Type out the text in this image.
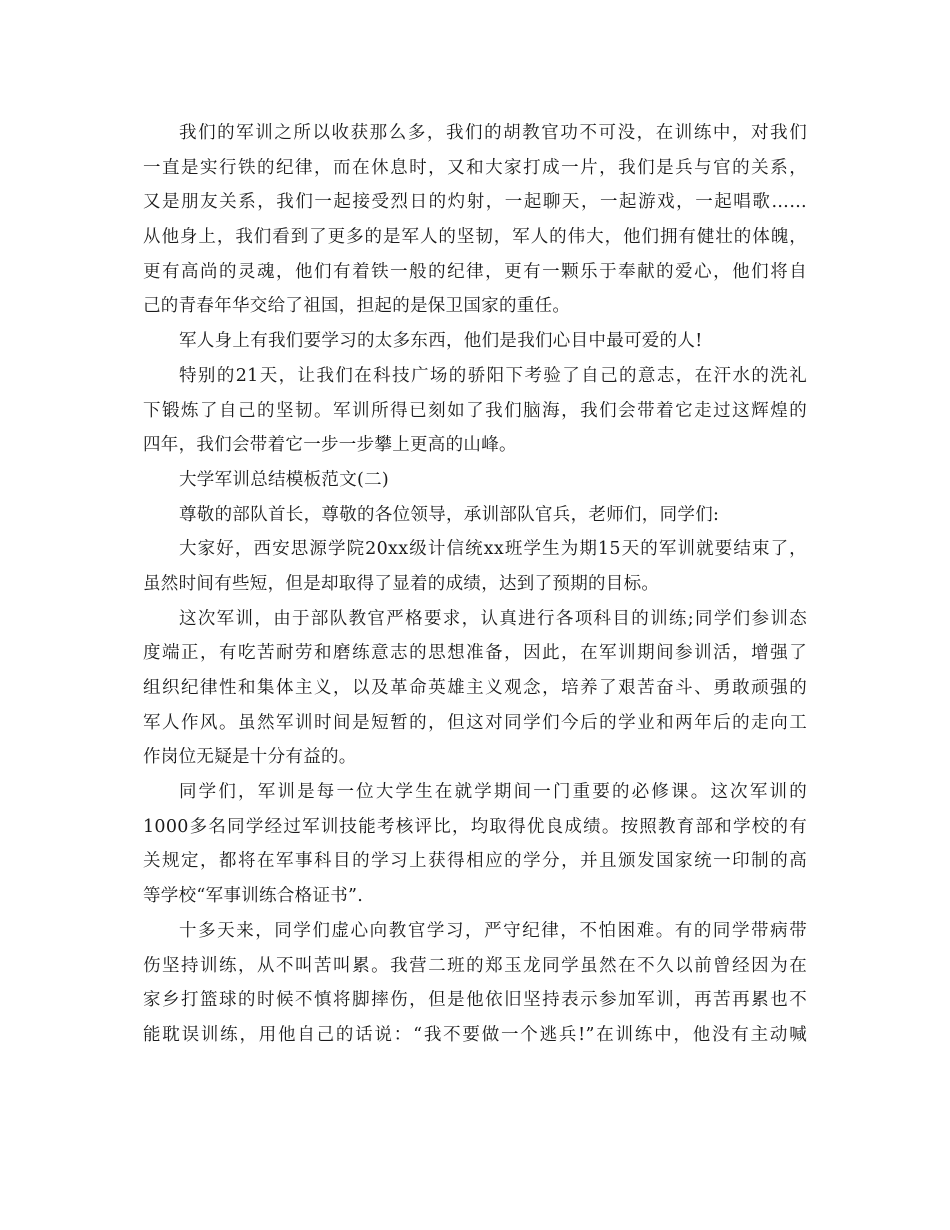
我们的军训之所以收获那么多，我们的胡教官功不可没，在训练中，对我们
一直是实行铁的纪律，而在休息时，又和大家打成一片，我们是兵与官的关系，
又是朋友关系，我们一起接受烈日的灼射，一起聊天，一起游戏，一起唱歌……
从他身上，我们看到了更多的是军人的坚韧，军人的伟大，他们拥有健壮的体魄，
更有高尚的灵魂，他们有着铁一般的纪律，更有一颗乐于奉献的爱心，他们将自
己的青春年华交给了祖国，担起的是保卫国家的重任。
军人身上有我们要学习的太多东西，他们是我们心目中最可爱的人!
特别的21天，让我们在科技广场的骄阳下考验了自己的意志，在汗水的洗礼
下锻炼了自己的坚韧。军训所得已刻如了我们脑海，我们会带着它走过这辉煌的
四年，我们会带着它一步一步攀上更高的山峰。
大学军训总结模板范文(二)
尊敬的部队首长，尊敬的各位领导，承训部队官兵，老师们，同学们:
大家好，西安思源学院20xx级计信统xx班学生为期15天的军训就要结束了，
虽然时间有些短，但是却取得了显着的成绩，达到了预期的目标。
这次军训，由于部队教官严格要求，认真进行各项科目的训练;同学们参训态
度端正，有吃苦耐劳和磨练意志的思想准备，因此，在军训期间参训活，增强了
组织纪律性和集体主义，以及革命英雄主义观念，培养了艰苦奋斗、勇敢顽强的
军人作风。虽然军训时间是短暂的，但这对同学们今后的学业和两年后的走向工
作岗位无疑是十分有益的。
同学们，军训是每一位大学生在就学期间一门重要的必修课。这次军训的
1000多名同学经过军训技能考核评比，均取得优良成绩。按照教育部和学校的有
关规定，都将在军事科目的学习上获得相应的学分，并且颁发国家统一印制的高
等学校“军事训练合格证书”.
十多天来，同学们虚心向教官学习，严守纪律，不怕困难。有的同学带病带
伤坚持训练，从不叫苦叫累。我营二班的郑玉龙同学虽然在不久以前曾经因为在
家乡打篮球的时候不慎将脚摔伤，但是他依旧坚持表示参加军训，再苦再累也不
能耽误训练，用他自己的话说：“我不要做一个逃兵!”在训练中，他没有主动喊
